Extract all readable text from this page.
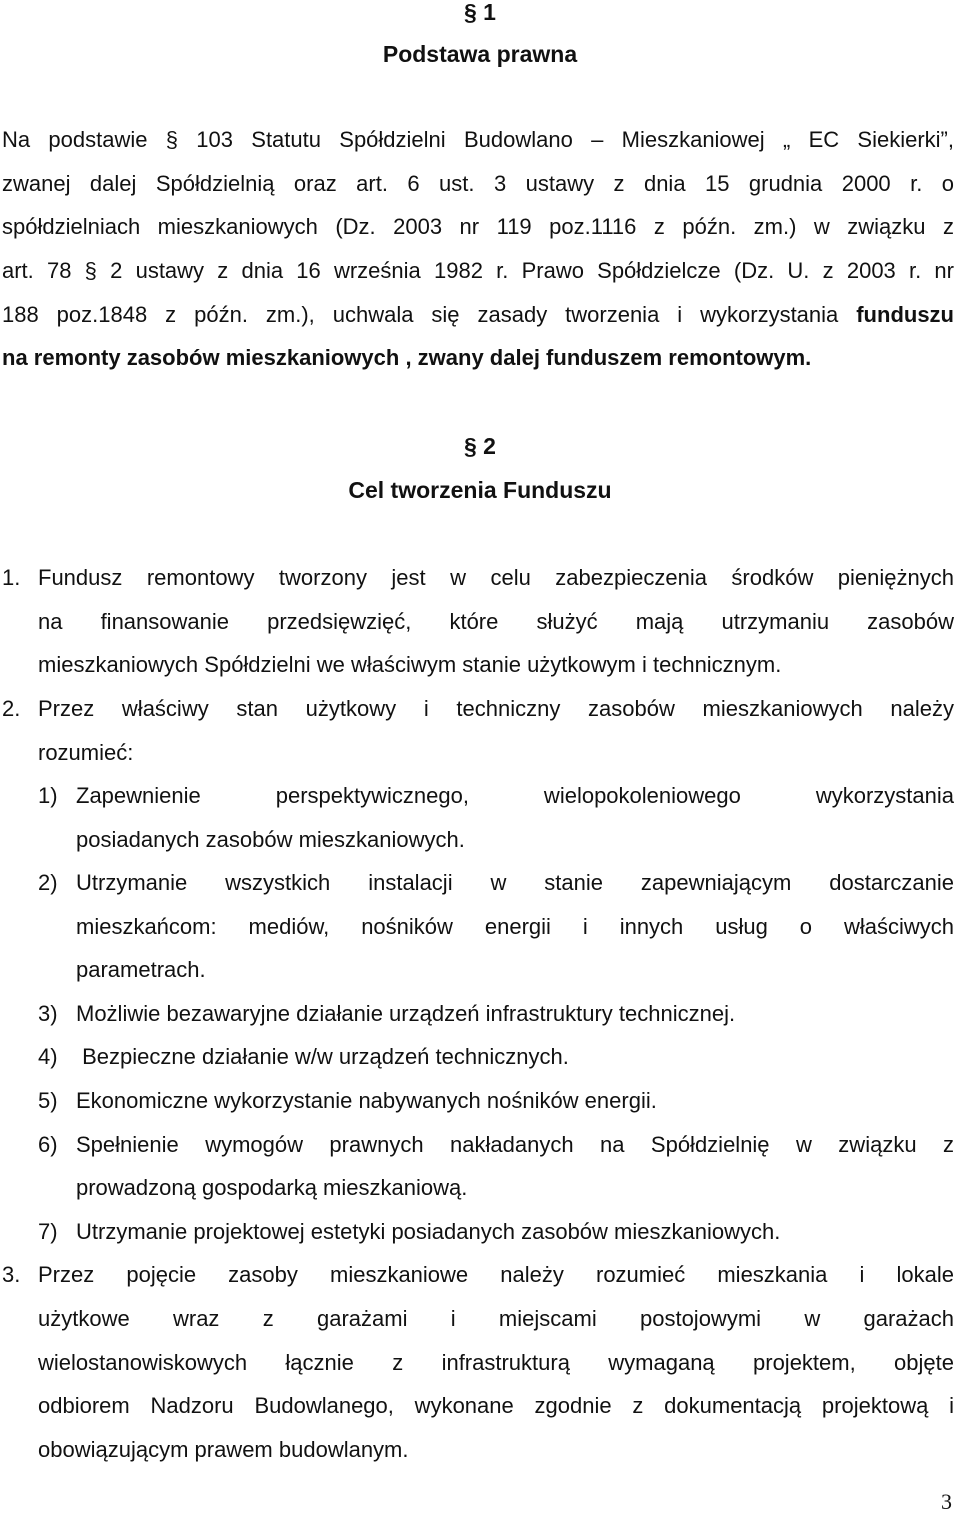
§ 1
Podstawa prawna
Na podstawie § 103 Statutu Spółdzielni Budowlano – Mieszkaniowej „ EC Siekierki”,
zwanej dalej Spółdzielnią oraz art. 6 ust. 3 ustawy z dnia 15 grudnia 2000 r. o
spółdzielniach mieszkaniowych (Dz. 2003 nr 119 poz.1116 z późn. zm.) w związku z
art. 78 § 2 ustawy z dnia 16 września 1982 r. Prawo Spółdzielcze (Dz. U. z 2003 r. nr
188 poz.1848 z późn. zm.), uchwala się zasady tworzenia i wykorzystania funduszu
na remonty zasobów mieszkaniowych , zwany dalej funduszem remontowym.
§ 2
Cel tworzenia Funduszu
1. Fundusz remontowy tworzony jest w celu zabezpieczenia środków pieniężnych
na finansowanie przedsięwzięć, które służyć mają utrzymaniu zasobów
mieszkaniowych Spółdzielni we właściwym stanie użytkowym i technicznym.
2. Przez właściwy stan użytkowy i techniczny zasobów mieszkaniowych należy
rozumieć:
1) Zapewnienie perspektywicznego, wielopokoleniowego wykorzystania
posiadanych zasobów mieszkaniowych.
2) Utrzymanie wszystkich instalacji w stanie zapewniającym dostarczanie
mieszkańcom: mediów, nośników energii i innych usług o właściwych
parametrach.
3) Możliwie bezawaryjne działanie urządzeń infrastruktury technicznej.
4) Bezpieczne działanie w/w urządzeń technicznych.
5) Ekonomiczne wykorzystanie nabywanych nośników energii.
6) Spełnienie wymogów prawnych nakładanych na Spółdzielnię w związku z
prowadzoną gospodarką mieszkaniową.
7) Utrzymanie projektowej estetyki posiadanych zasobów mieszkaniowych.
3. Przez pojęcie zasoby mieszkaniowe należy rozumieć mieszkania i lokale
użytkowe wraz z garażami i miejscami postojowymi w garażach
wielostanowiskowych łącznie z infrastrukturą wymaganą projektem, objęte
odbiorem Nadzoru Budowlanego, wykonane zgodnie z dokumentacją projektową i
obowiązującym prawem budowlanym.
3
